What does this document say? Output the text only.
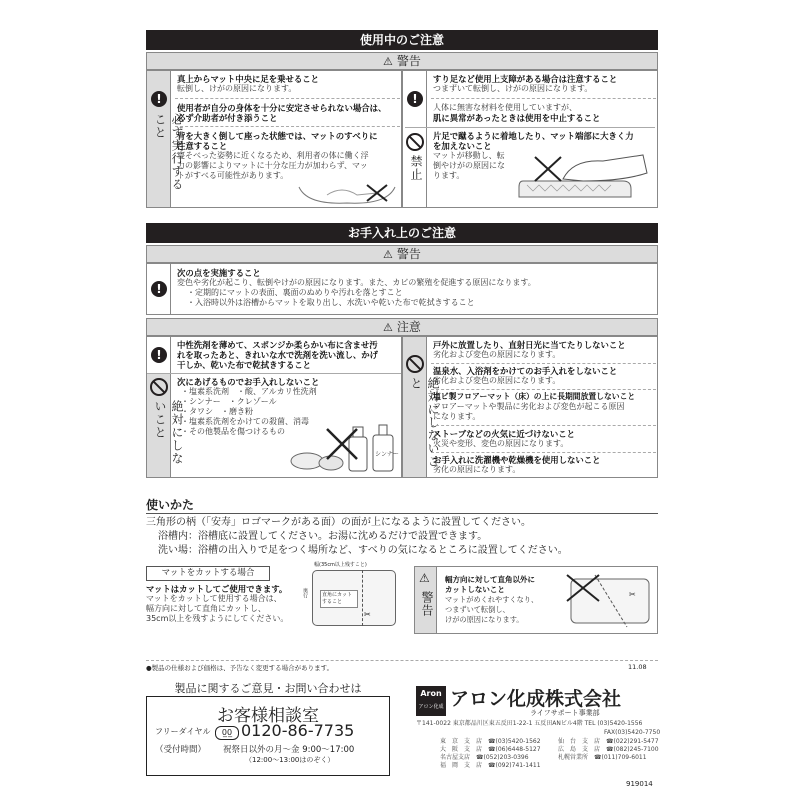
使用中のご注意
⚠ 警告
!
必ず実行すること
真上からマット中央に足を乗せること
転倒し、けがの原因になります。
使用者が自分の身体を十分に安定させられない場合は、
必ず介助者が付き添うこと
背を大きく倒して座った状態では、マットのすべりに
注意すること
寝そべった姿勢に近くなるため、利用者の体に働く浮
力の影響によりマットに十分な圧力が加わらず、マッ
トがすべる可能性があります。
!
禁止
すり足など使用上支障がある場合は注意すること
つまずいて転倒し、けがの原因になります。
人体に無害な材料を使用していますが、
肌に異常があったときは使用を中止すること
片足で蹴るように着地したり、マット端部に大きく力
を加えないこと
マットが移動し、転
倒やけがの原因にな
ります。
お手入れ上のご注意
⚠ 警告
!
次の点を実施すること
変色や劣化が起こり、転倒やけがの原因になります。また、カビの繁殖を促進する原因になります。
・定期的にマットの表面、裏面のぬめりや汚れを落とすこと
・入浴時以外は浴槽からマットを取り出し、水洗いや乾いた布で乾拭きすること
⚠ 注意
!
中性洗剤を薄めて、スポンジか柔らかい布に含ませ汚
れを取ったあと、きれいな水で洗剤を洗い流し、かげ
干しか、乾いた布で乾拭きすること
絶対にしないこと
次にあげるものでお手入れしないこと
・塩素系洗剤　・酸、アルカリ性洗剤
・シンナー　・クレゾール
・タワシ　・磨き粉
・塩素系洗剤をかけての殺菌、消毒
・その他製品を傷つけるもの
シンナー	絶対にしないこと
戸外に放置したり、直射日光に当てたりしないこと
劣化および変色の原因になります。
温泉水、入浴剤をかけてのお手入れをしないこと
劣化および変色の原因になります。
塩ビ製フロアーマット（床）の上に長期間放置しないこと
フロアーマットや製品に劣化および変色が起こる原因
になります。
ストーブなどの火気に近づけないこと
火災や変形、変色の原因になります。
お手入れに洗濯機や乾燥機を使用しないこと
劣化の原因になります。
使いかた
三角形の柄（「安寿」ロゴマークがある面）の面が上になるように設置してください。
浴槽内：浴槽底に設置してください。お湯に沈めるだけで設置できます。
洗い場：浴槽の出入りで足をつく場所など、すべりの気になるところに設置してください。
マットをカットする場合
マットはカットしてご使用できます。
マットをカットして使用する場合は、
幅方向に対して直角にカットし、
35cm以上を残すようにしてください。
直角にカット
すること
幅(35cm以上残すこと)
奥行
✂
⚠
警告
幅方向に対して直角以外に
カットしないこと
マットがめくれやすくなり、
つまずいて転倒し、
けがの原因になります。
✂
●製品の仕様および価格は、予告なく変更する場合があります。	11.08
製品に関するご意見・お問い合わせは
お客様相談室
フリーダイヤル	0̲0̲ 0120-86-7735
（受付時間） 祝祭日以外の月〜金 9:00〜17:00
（12:00〜13:00はのぞく）
Aron
アロン化成 アロン化成株式会社
ライフサポート事業部
〒141-0022 東京都品川区東五反田1-22-1 五反田ANビル4階 TEL (03)5420-1556
FAX(03)5420-7750
東　京　支　店　 ☎(03)5420-1562
大　阪　支　店　 ☎(06)6448-5127
名古屋支店　 ☎(052)203-0396
福　岡　支　店　 ☎(092)741-1411
仙　台　支　店　 ☎(022)291-5477
広　島　支　店　 ☎(082)245-7100
札幌営業所　 ☎(011)709-6011
919014
